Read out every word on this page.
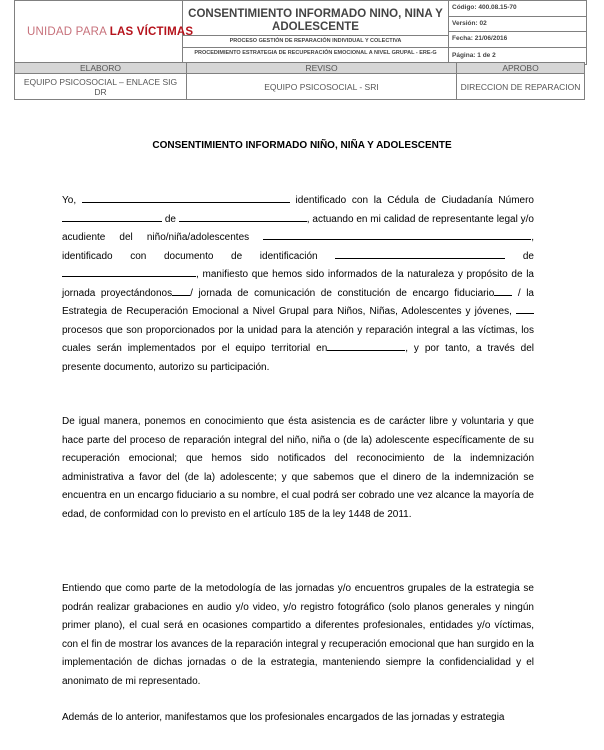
UNIDAD PARA LAS VÍCTIMAS

CONSENTIMIENTO INFORMADO NIÑO, NIÑA Y ADOLESCENTE
PROCESO GESTIÓN DE REPARACIÓN INDIVIDUAL Y COLECTIVA
PROCEDIMIENTO ESTRATEGIA DE RECUPERACIÓN EMOCIONAL A NIVEL GRUPAL - ERE-G

Código: 400.08.15-70
Versión: 02
Fecha: 21/06/2016
Página: 1 de 2
ELABORO	REVISO	APROBO
EQUIPO PSICOSOCIAL – ENLACE SIG DR	EQUIPO PSICOSOCIAL - SRI	DIRECCION DE REPARACION
CONSENTIMIENTO INFORMADO NIÑO, NIÑA Y ADOLESCENTE

Yo,	identificado con la Cédula de Ciudadanía Número  de	, actuando en mi calidad de representante legal y/o acudiente del niño/niña/adolescentes	, identificado con documento de identificación	de , manifiesto que hemos sido informados de la naturaleza y propósito de la jornada proyectándonos / jornada de comunicación de constitución de encargo fiduciario / la Estrategia de Recuperación Emocional a Nivel Grupal para Niños, Niñas, Adolescentes y jóvenes,  procesos que son proporcionados por la unidad para la atención y reparación integral a las víctimas, los cuales serán implementados por el equipo territorial en	, y por tanto, a través del presente documento, autorizo su participación.

De igual manera, ponemos en conocimiento que ésta asistencia es de carácter libre y voluntaria y que hace parte del proceso de reparación integral del niño, niña o (de la) adolescente específicamente de su recuperación emocional; que hemos sido notificados del reconocimiento de la indemnización administrativa a favor del (de la) adolescente; y que sabemos que el dinero de la indemnización se encuentra en un encargo fiduciario a su nombre, el cual podrá ser cobrado une vez alcance la mayoría de edad, de conformidad con lo previsto en el artículo 185 de la ley 1448 de 2011.

Entiendo que como parte de la metodología de las jornadas y/o encuentros grupales de la estrategia se podrán realizar grabaciones en audio y/o video, y/o registro fotográfico (solo planos generales y ningún primer plano), el cual será en ocasiones compartido a diferentes profesionales, entidades y/o víctimas, con el fin de mostrar los avances de la reparación integral y recuperación emocional que han surgido en la implementación de dichas jornadas o de la estrategia, manteniendo siempre la confidencialidad y el anonimato de mi representado.

Además de lo anterior, manifestamos que los profesionales encargados de las jornadas y estrategia
